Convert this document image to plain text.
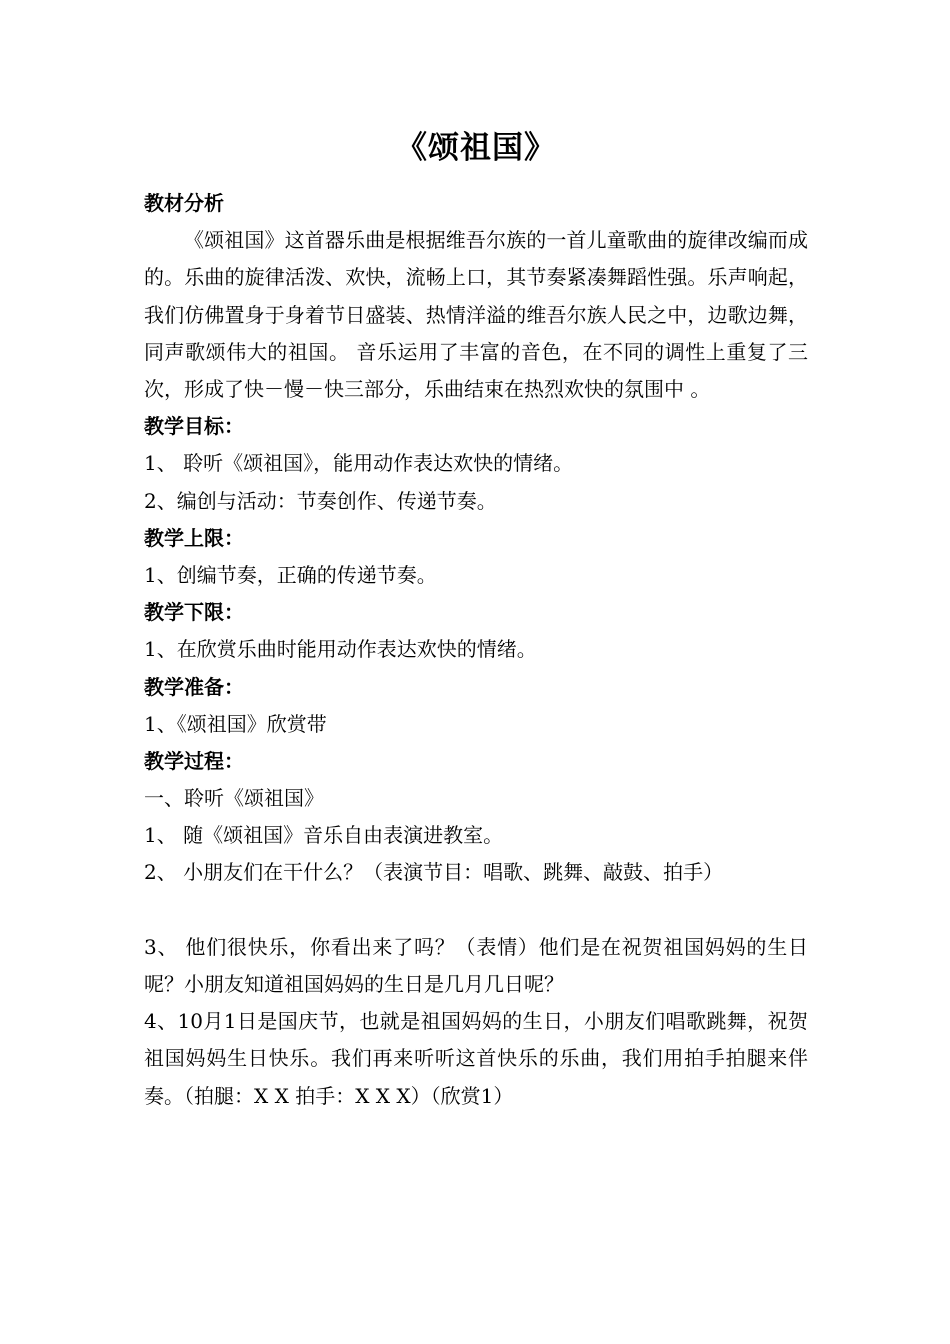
《颂祖国》
教材分析
《颂祖国》这首器乐曲是根据维吾尔族的一首儿童歌曲的旋律改编而成的。乐曲的旋律活泼、欢快，流畅上口，其节奏紧凑舞蹈性强。乐声响起，我们仿佛置身于身着节日盛装、热情洋溢的维吾尔族人民之中，边歌边舞，同声歌颂伟大的祖国。 音乐运用了丰富的音色，在不同的调性上重复了三次，形成了快－慢－快三部分，乐曲结束在热烈欢快的氛围中 。
教学目标：
1、 聆听《颂祖国》，能用动作表达欢快的情绪。
2、编创与活动：节奏创作、传递节奏。
教学上限：
1、创编节奏，正确的传递节奏。
教学下限：
1、在欣赏乐曲时能用动作表达欢快的情绪。
教学准备：
1、《颂祖国》欣赏带
教学过程：
一、聆听《颂祖国》
1、 随《颂祖国》音乐自由表演进教室。
2、 小朋友们在干什么？（表演节目：唱歌、跳舞、敲鼓、拍手）
3、 他们很快乐，你看出来了吗？（表情）他们是在祝贺祖国妈妈的生日呢？小朋友知道祖国妈妈的生日是几月几日呢？
4、10月1日是国庆节，也就是祖国妈妈的生日，小朋友们唱歌跳舞，祝贺祖国妈妈生日快乐。我们再来听听这首快乐的乐曲，我们用拍手拍腿来伴奏。（拍腿：X X 拍手：X X X）（欣赏1）
